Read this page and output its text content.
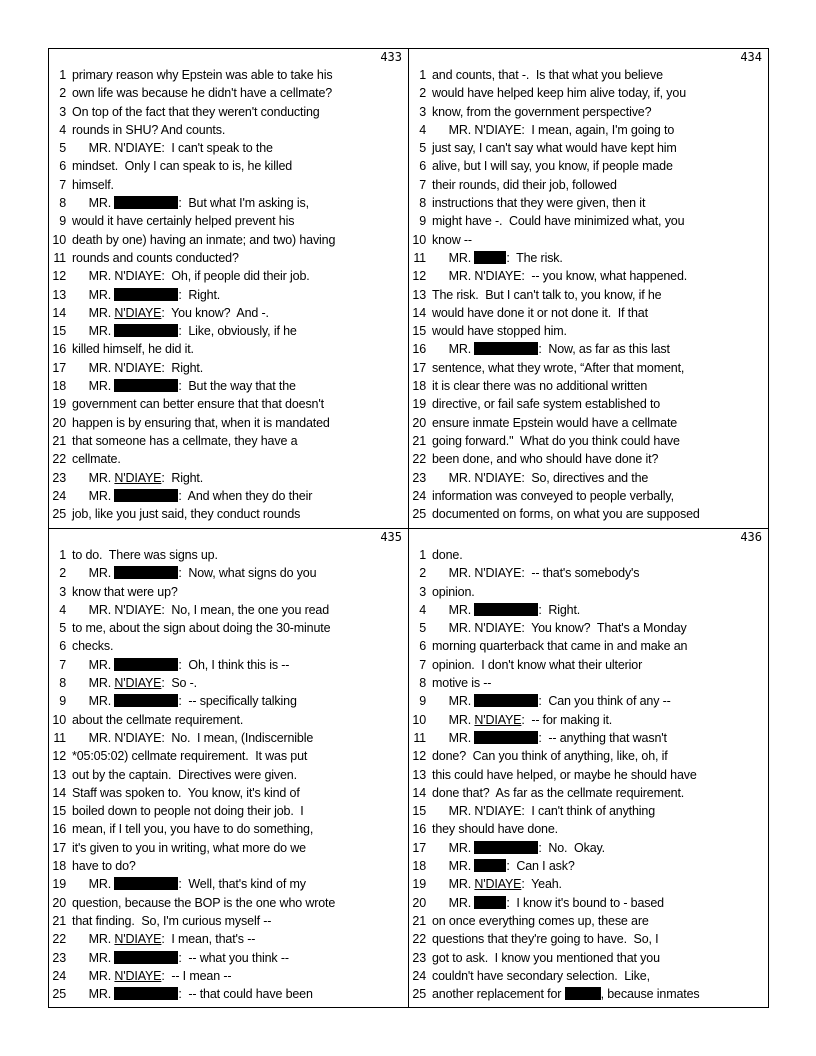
433
1 primary reason why Epstein was able to take his
2 own life was because he didn't have a cellmate?
3 On top of the fact that they weren't conducting
4 rounds in SHU? And counts.
5 MR. N'DIAYE:  I can't speak to the
6 mindset.  Only I can speak to is, he killed
7 himself.
8 MR.	:  But what I'm asking is,
9 would it have certainly helped prevent his
10 death by one) having an inmate; and two) having
11 rounds and counts conducted?
12 MR. N'DIAYE:  Oh, if people did their job.
13 MR.	:  Right.
14 MR. N'DIAYE:  You know?  And -.
15 MR.	:  Like, obviously, if he
16 killed himself, he did it.
17 MR. N'DIAYE:  Right.
18 MR.	:  But the way that the
19 government can better ensure that that doesn't
20 happen is by ensuring that, when it is mandated
21 that someone has a cellmate, they have a
22 cellmate.
23 MR. N'DIAYE:  Right.
24 MR.	:  And when they do their
25 job, like you just said, they conduct rounds
434
1 and counts, that -.  Is that what you believe
2 would have helped keep him alive today, if, you
3 know, from the government perspective?
4 MR. N'DIAYE:  I mean, again, I'm going to
5 just say, I can't say what would have kept him
6 alive, but I will say, you know, if people made
7 their rounds, did their job, followed
8 instructions that they were given, then it
9 might have -.  Could have minimized what, you
10 know --
11 MR.	:  The risk.
12 MR. N'DIAYE:  -- you know, what happened.
13 The risk.  But I can't talk to, you know, if he
14 would have done it or not done it.  If that
15 would have stopped him.
16 MR.	:  Now, as far as this last
17 sentence, what they wrote, “After that moment,
18 it is clear there was no additional written
19 directive, or fail safe system established to
20 ensure inmate Epstein would have a cellmate
21 going forward."  What do you think could have
22 been done, and who should have done it?
23 MR. N'DIAYE:  So, directives and the
24 information was conveyed to people verbally,
25 documented on forms, on what you are supposed
435
1 to do.  There was signs up.
2 MR.	:  Now, what signs do you
3 know that were up?
4 MR. N'DIAYE:  No, I mean, the one you read
5 to me, about the sign about doing the 30-minute
6 checks.
7 MR.	:  Oh, I think this is --
8 MR. N'DIAYE:  So -.
9 MR.	:  -- specifically talking
10 about the cellmate requirement.
11 MR. N'DIAYE:  No.  I mean, (Indiscernible
12 *05:05:02) cellmate requirement.  It was put
13 out by the captain.  Directives were given.
14 Staff was spoken to.  You know, it's kind of
15 boiled down to people not doing their job.  I
16 mean, if I tell you, you have to do something,
17 it's given to you in writing, what more do we
18 have to do?
19 MR.	:  Well, that's kind of my
20 question, because the BOP is the one who wrote
21 that finding.  So, I'm curious myself --
22 MR. N'DIAYE:  I mean, that's --
23 MR.	:  -- what you think --
24 MR. N'DIAYE:  -- I mean --
25 MR.	:  -- that could have been
436
1 done.
2 MR. N'DIAYE:  -- that's somebody's
3 opinion.
4 MR.	:  Right.
5 MR. N'DIAYE:  You know?  That's a Monday
6 morning quarterback that came in and make an
7 opinion.  I don't know what their ulterior
8 motive is --
9 MR.	:  Can you think of any --
10 MR. N'DIAYE:  -- for making it.
11 MR.	:  -- anything that wasn't
12 done?  Can you think of anything, like, oh, if
13 this could have helped, or maybe he should have
14 done that?  As far as the cellmate requirement.
15 MR. N'DIAYE:  I can't think of anything
16 they should have done.
17 MR.	:  No.  Okay.
18 MR.	:  Can I ask?
19 MR. N'DIAYE:  Yeah.
20 MR.	:  I know it's bound to - based
21 on once everything comes up, these are
22 questions that they're going to have.  So, I
23 got to ask.  I know you mentioned that you
24 couldn't have secondary selection.  Like,
25 another replacement for	, because inmates
